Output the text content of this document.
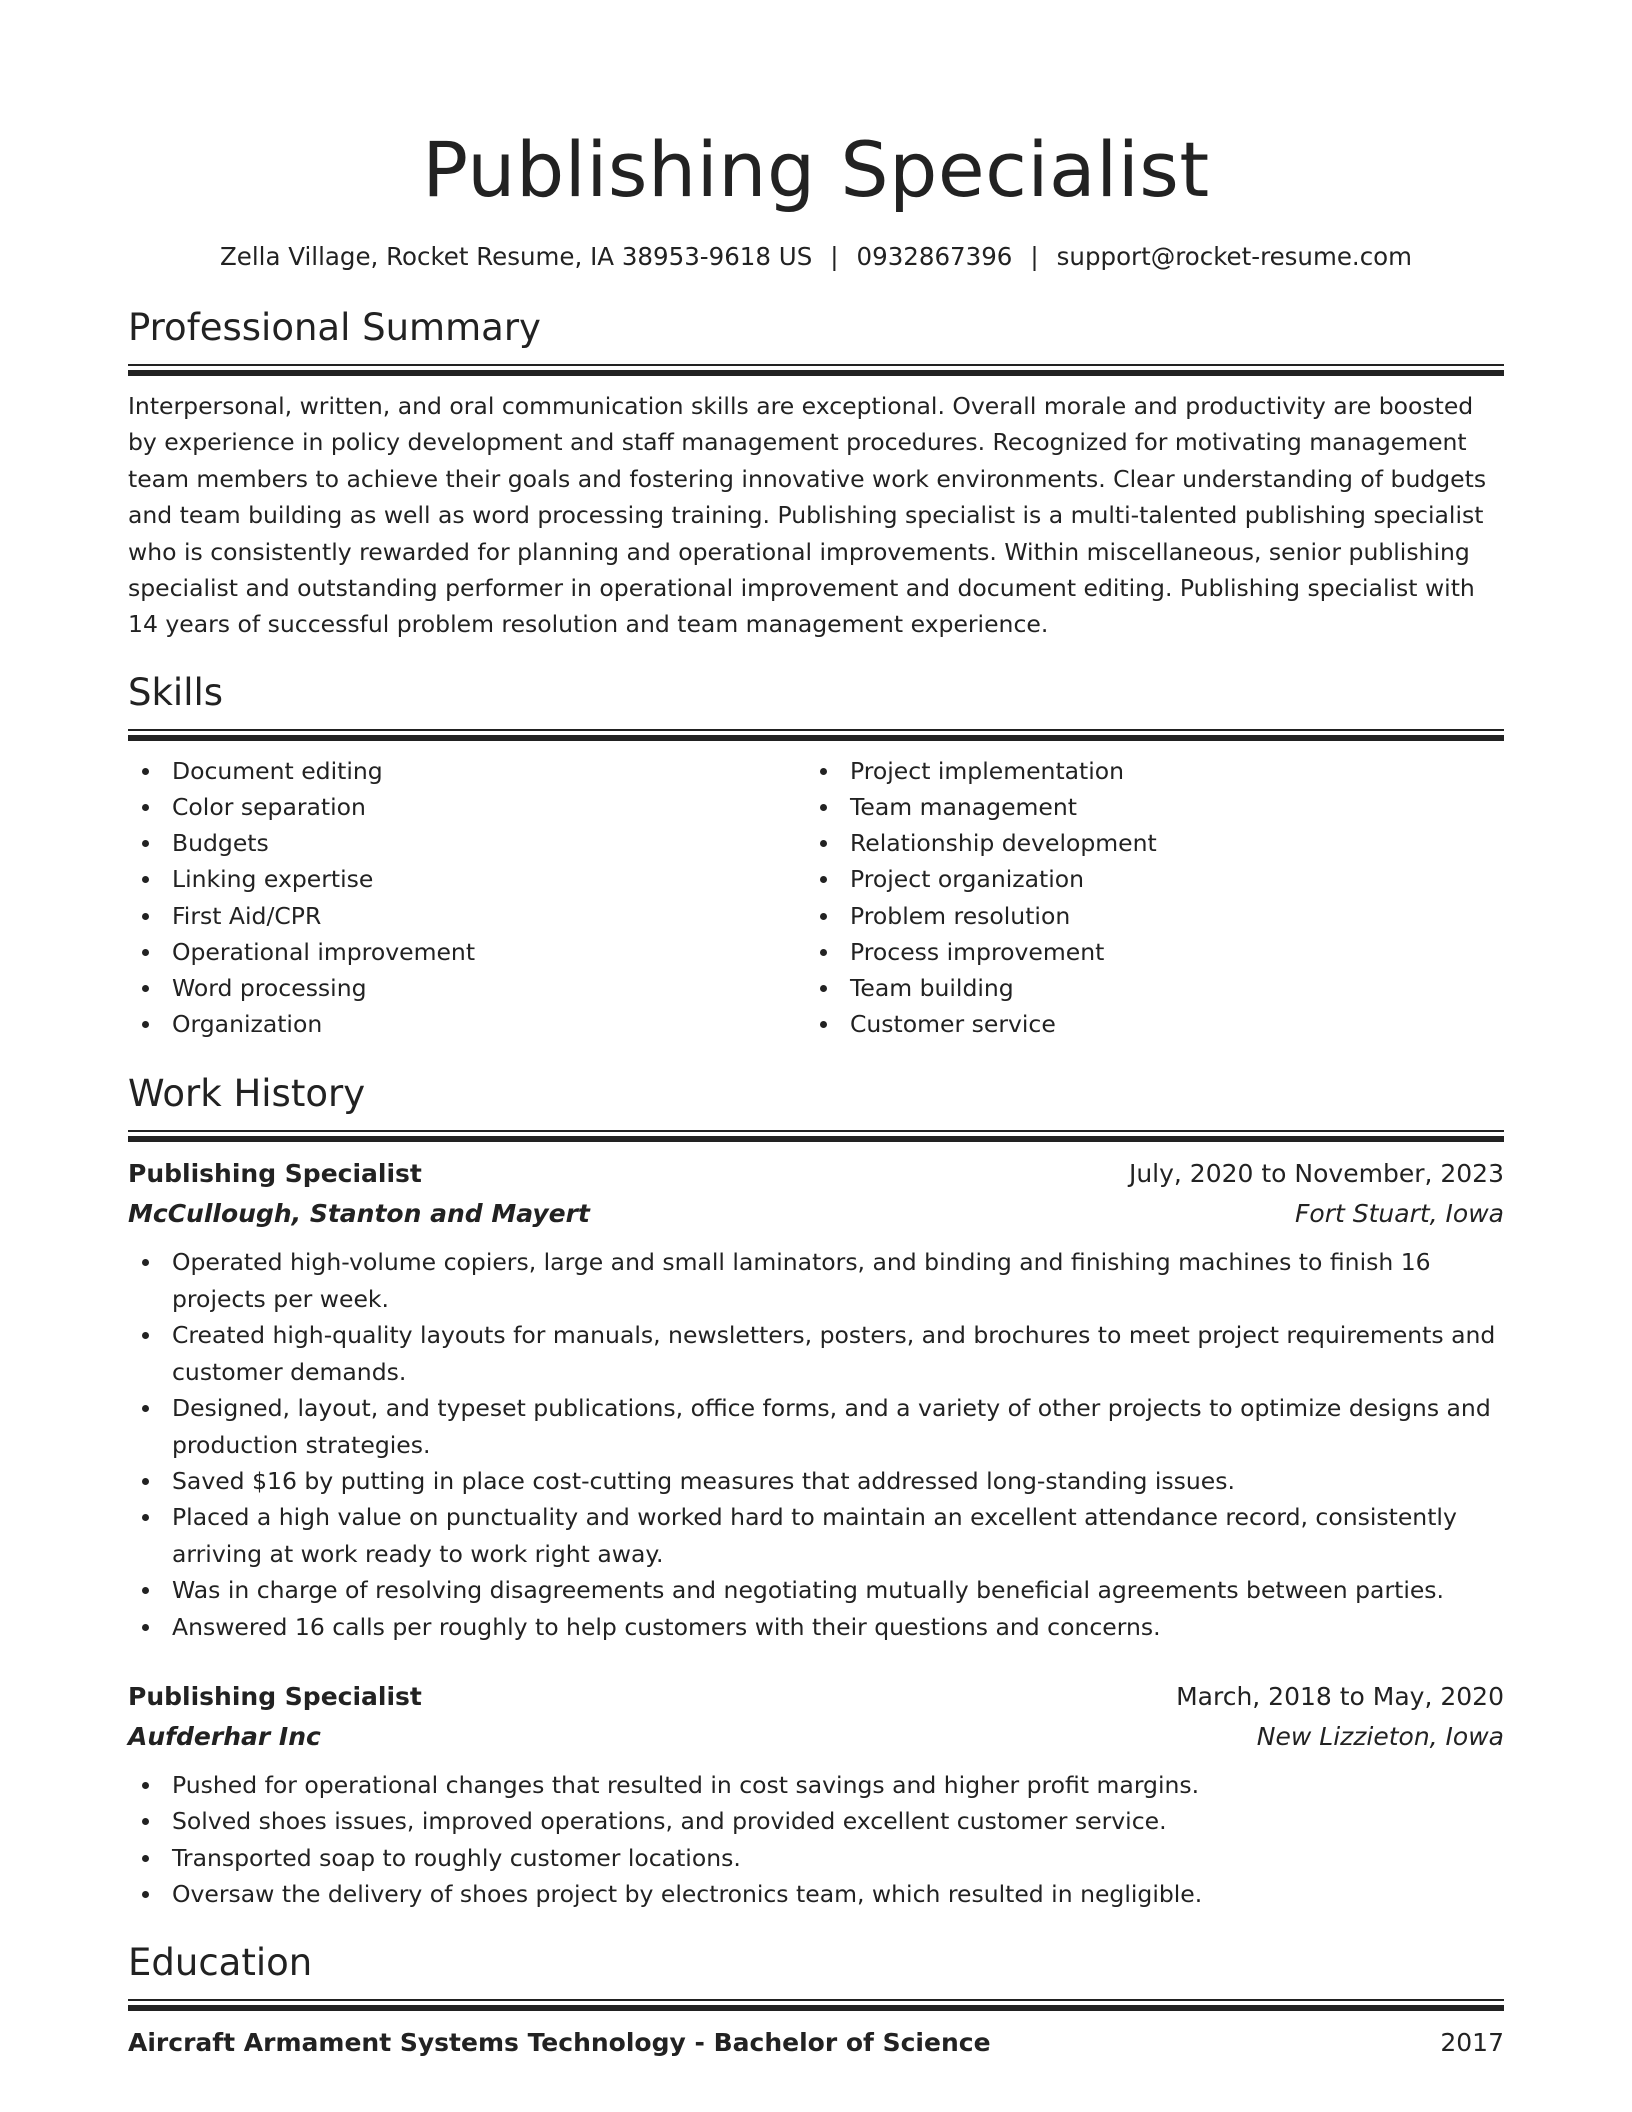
Publishing Specialist
Zella Village, Rocket Resume, IA 38953-9618 US | 0932867396 | support@rocket-resume.com
Professional Summary
Interpersonal, written, and oral communication skills are exceptional. Overall morale and productivity are boosted by experience in policy development and staff management procedures. Recognized for motivating management team members to achieve their goals and fostering innovative work environments. Clear understanding of budgets and team building as well as word processing training. Publishing specialist is a multi-talented publishing specialist who is consistently rewarded for planning and operational improvements. Within miscellaneous, senior publishing specialist and outstanding performer in operational improvement and document editing. Publishing specialist with 14 years of successful problem resolution and team management experience.
Skills
Document editing
Color separation
Budgets
Linking expertise
First Aid/CPR
Operational improvement
Word processing
Organization
Project implementation
Team management
Relationship development
Project organization
Problem resolution
Process improvement
Team building
Customer service
Work History
Publishing Specialist	July, 2020 to November, 2023
McCullough, Stanton and Mayert	Fort Stuart, Iowa
Operated high-volume copiers, large and small laminators, and binding and finishing machines to finish 16 projects per week.
Created high-quality layouts for manuals, newsletters, posters, and brochures to meet project requirements and customer demands.
Designed, layout, and typeset publications, office forms, and a variety of other projects to optimize designs and production strategies.
Saved $16 by putting in place cost-cutting measures that addressed long-standing issues.
Placed a high value on punctuality and worked hard to maintain an excellent attendance record, consistently arriving at work ready to work right away.
Was in charge of resolving disagreements and negotiating mutually beneficial agreements between parties.
Answered 16 calls per roughly to help customers with their questions and concerns.
Publishing Specialist	March, 2018 to May, 2020
Aufderhar Inc	New Lizzieton, Iowa
Pushed for operational changes that resulted in cost savings and higher profit margins.
Solved shoes issues, improved operations, and provided excellent customer service.
Transported soap to roughly customer locations.
Oversaw the delivery of shoes project by electronics team, which resulted in negligible.
Education
Aircraft Armament Systems Technology - Bachelor of Science	2017
